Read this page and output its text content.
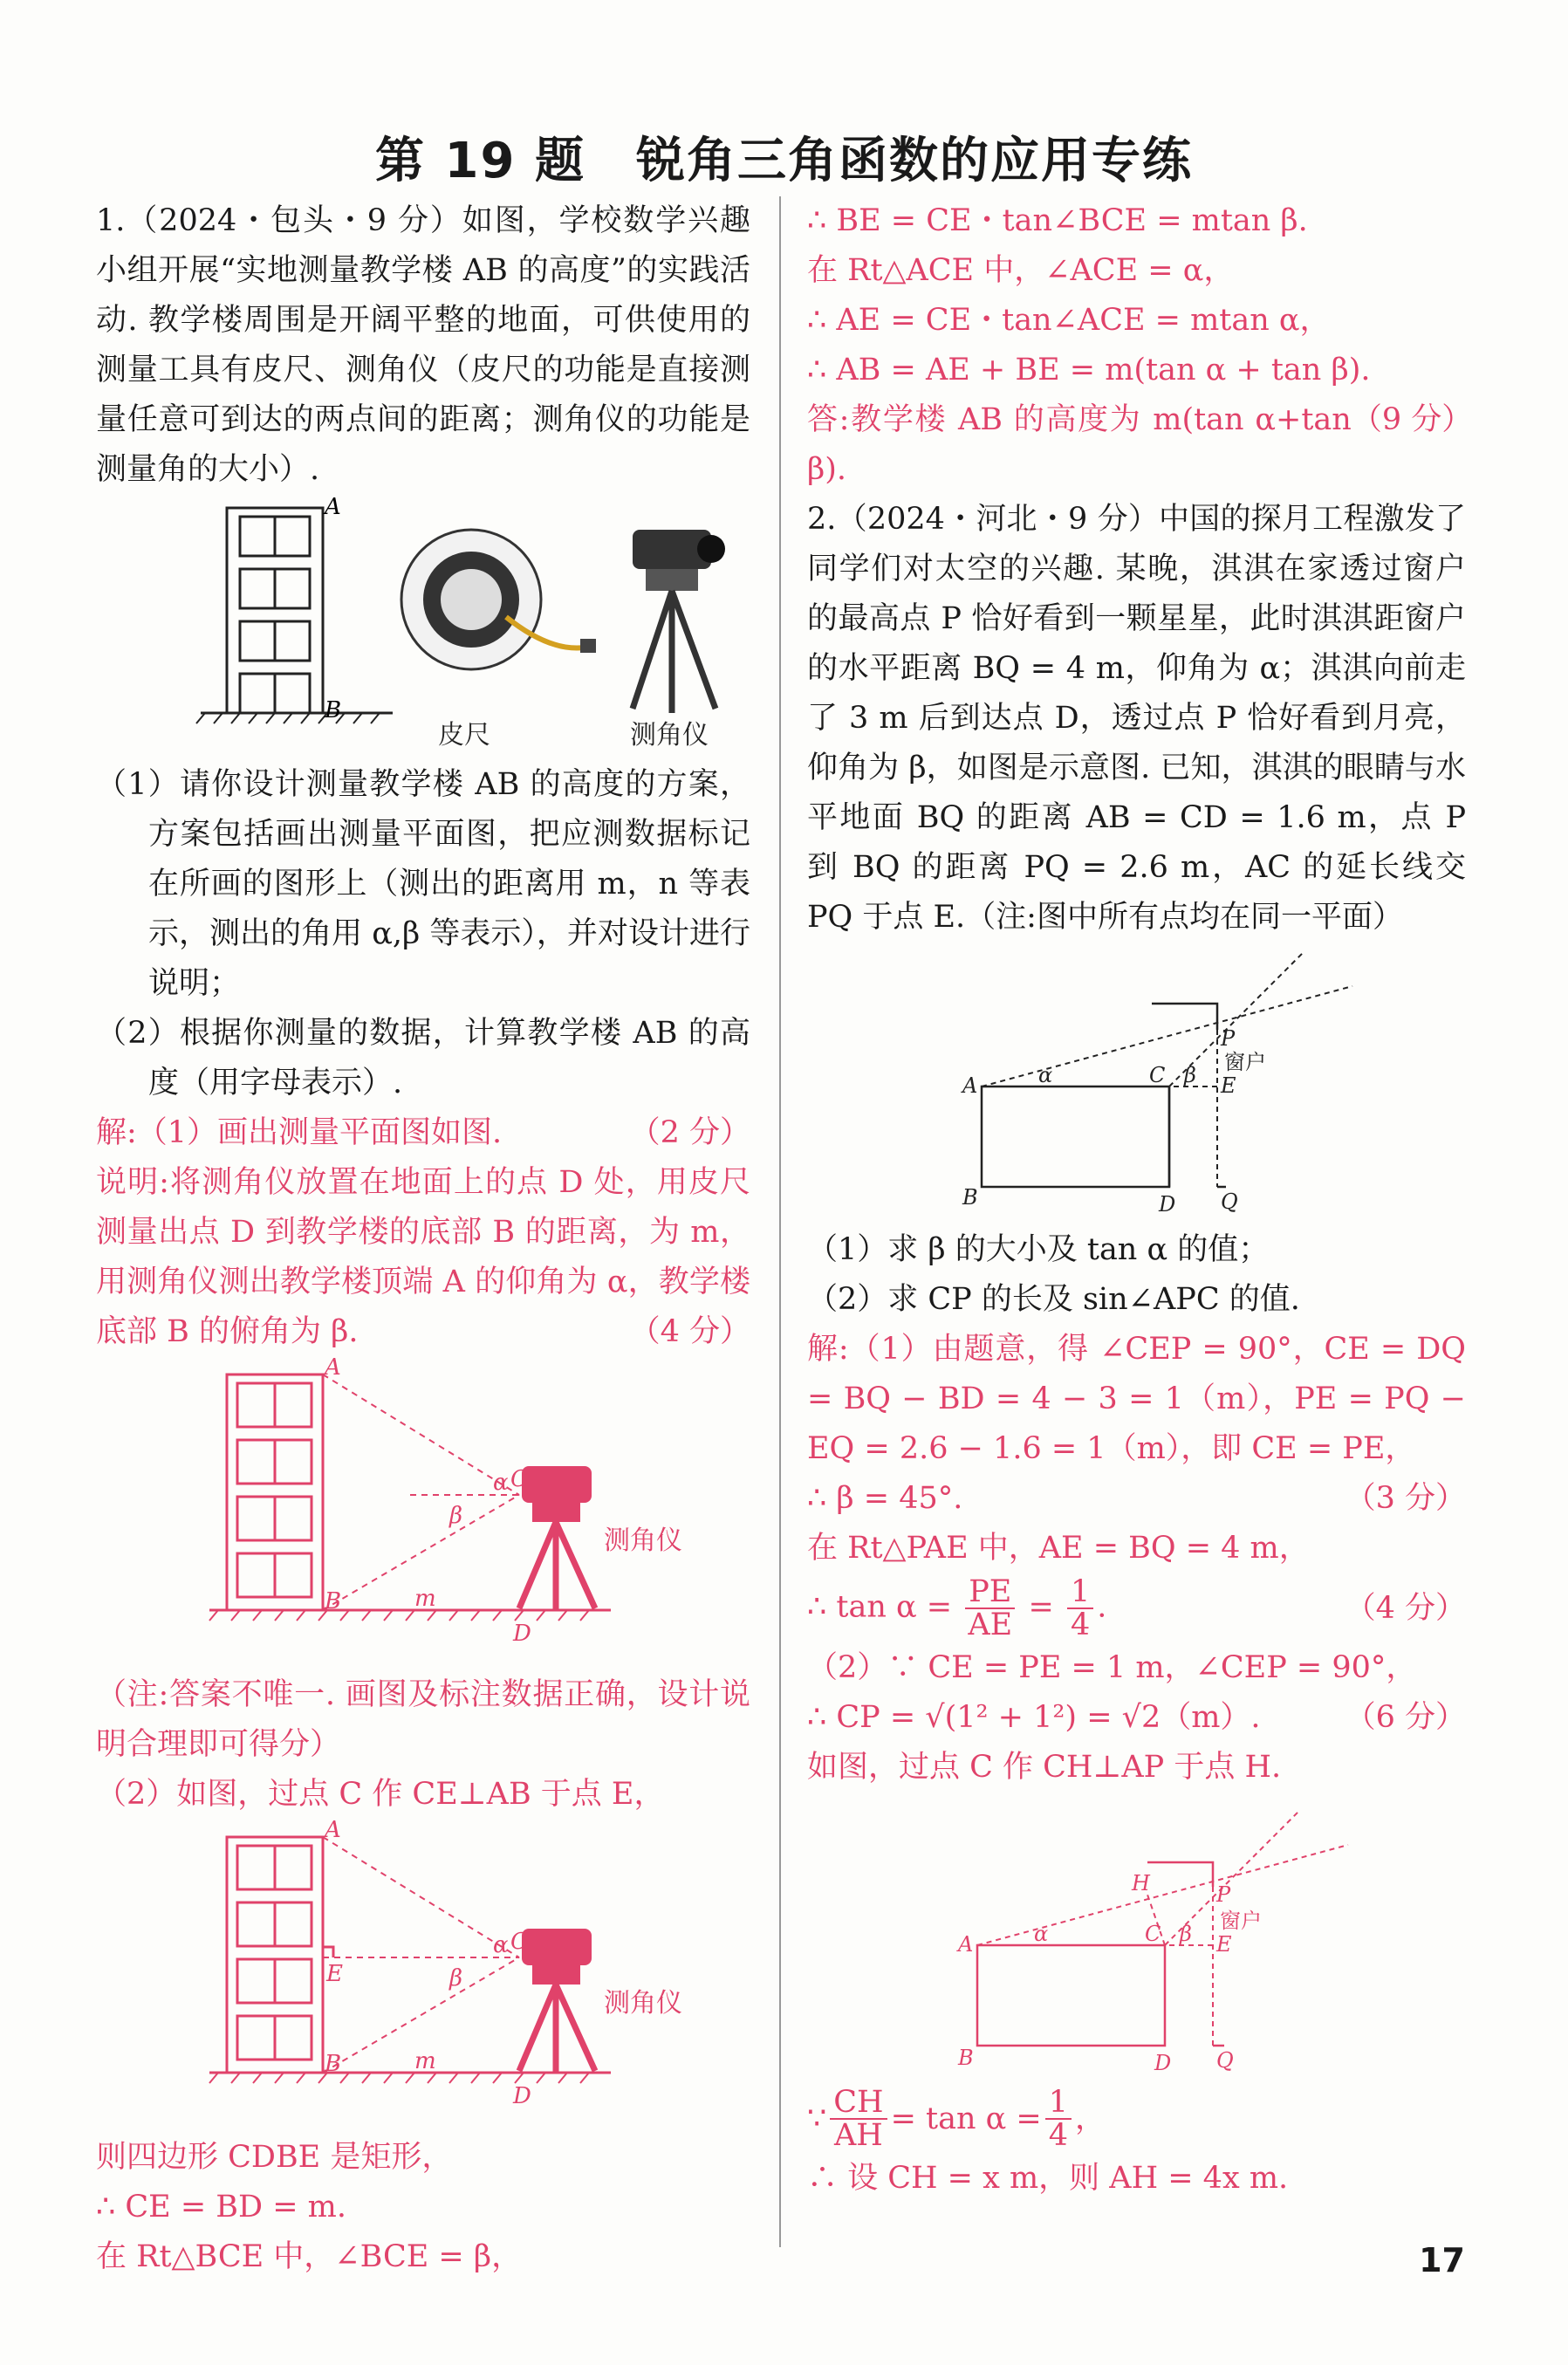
第 19 题　锐角三角函数的应用专练

1.（2024・包头・9 分）如图，学校数学兴趣小组开展“实地测量教学楼 AB 的高度”的实践活动. 教学楼周围是开阔平整的地面，可供使用的测量工具有皮尺、测角仪（皮尺的功能是直接测量任意可到达的两点间的距离；测角仪的功能是测量角的大小）.

A
B
皮尺	测角仪

（1）请你设计测量教学楼 AB 的高度的方案，方案包括画出测量平面图，把应测数据标记在所画的图形上（测出的距离用 m，n 等表示，测出的角用 α,β 等表示），并对设计进行说明；

（2）根据你测量的数据，计算教学楼 AB 的高度（用字母表示）.

解:（1）画出测量平面图如图.	（2 分）

说明:将测角仪放置在地面上的点 D 处，用皮尺测量出点 D 到教学楼的底部 B 的距离，为 m，用测角仪测出教学楼顶端 A 的仰角为 α，教学楼底部 B 的俯角为 β.	（4 分）
A
B
C
D
m
α
β
测角仪

（注:答案不唯一. 画图及标注数据正确，设计说明合理即可得分）

（2）如图，过点 C 作 CE⊥AB 于点 E，

A
B
E
C
D
m
α
β
测角仪

则四边形 CDBE 是矩形，

∴ CE = BD = m.

在 Rt△BCE 中，∠BCE = β，

∴ BE = CE・tan∠BCE = mtan β.

在 Rt△ACE 中，∠ACE = α，

∴ AE = CE・tan∠ACE = mtan α，

∴ AB = AE + BE = m(tan α + tan β).

答:教学楼 AB 的高度为 m(tan α+tan β).
（9 分）

2.（2024・河北・9 分）中国的探月工程激发了同学们对太空的兴趣. 某晚，淇淇在家透过窗户的最高点 P 恰好看到一颗星星，此时淇淇距窗户的水平距离 BQ = 4 m，仰角为 α；淇淇向前走了 3 m 后到达点 D，透过点 P 恰好看到月亮，仰角为 β，如图是示意图. 已知，淇淇的眼睛与水平地面 BQ 的距离 AB = CD = 1.6 m，点 P 到 BQ 的距离 PQ = 2.6 m，AC 的延长线交 PQ 于点 E.（注:图中所有点均在同一平面）

A
B
C
D
E
P
Q
α	β
窗户

（1）求 β 的大小及 tan α 的值；

（2）求 CP 的长及 sin∠APC 的值.

解:（1）由题意，得 ∠CEP = 90°，CE = DQ = BQ − BD = 4 − 3 = 1（m），PE = PQ − EQ = 2.6 − 1.6 = 1（m），即 CE = PE，

∴ β = 45°.	（3 分）

在 Rt△PAE 中，AE = BQ = 4 m，

∴ $\tan \alpha = \frac{PE}{AE} = \frac{1}{4}$ .	（4 分）

（2）∵ CE = PE = 1 m，∠CEP = 90°，

∴ CP = √(1² + 1²) = √2（m）.	（6 分）

如图，过点 C 作 CH⊥AP 于点 H.

A
B
C
D
E
H	P
Q
α	β
窗户
∵ $\frac{CH}{AH} = \tan \alpha = \frac{1}{4}$ ，

∴ 设 CH = x m，则 AH = 4x m.

17
